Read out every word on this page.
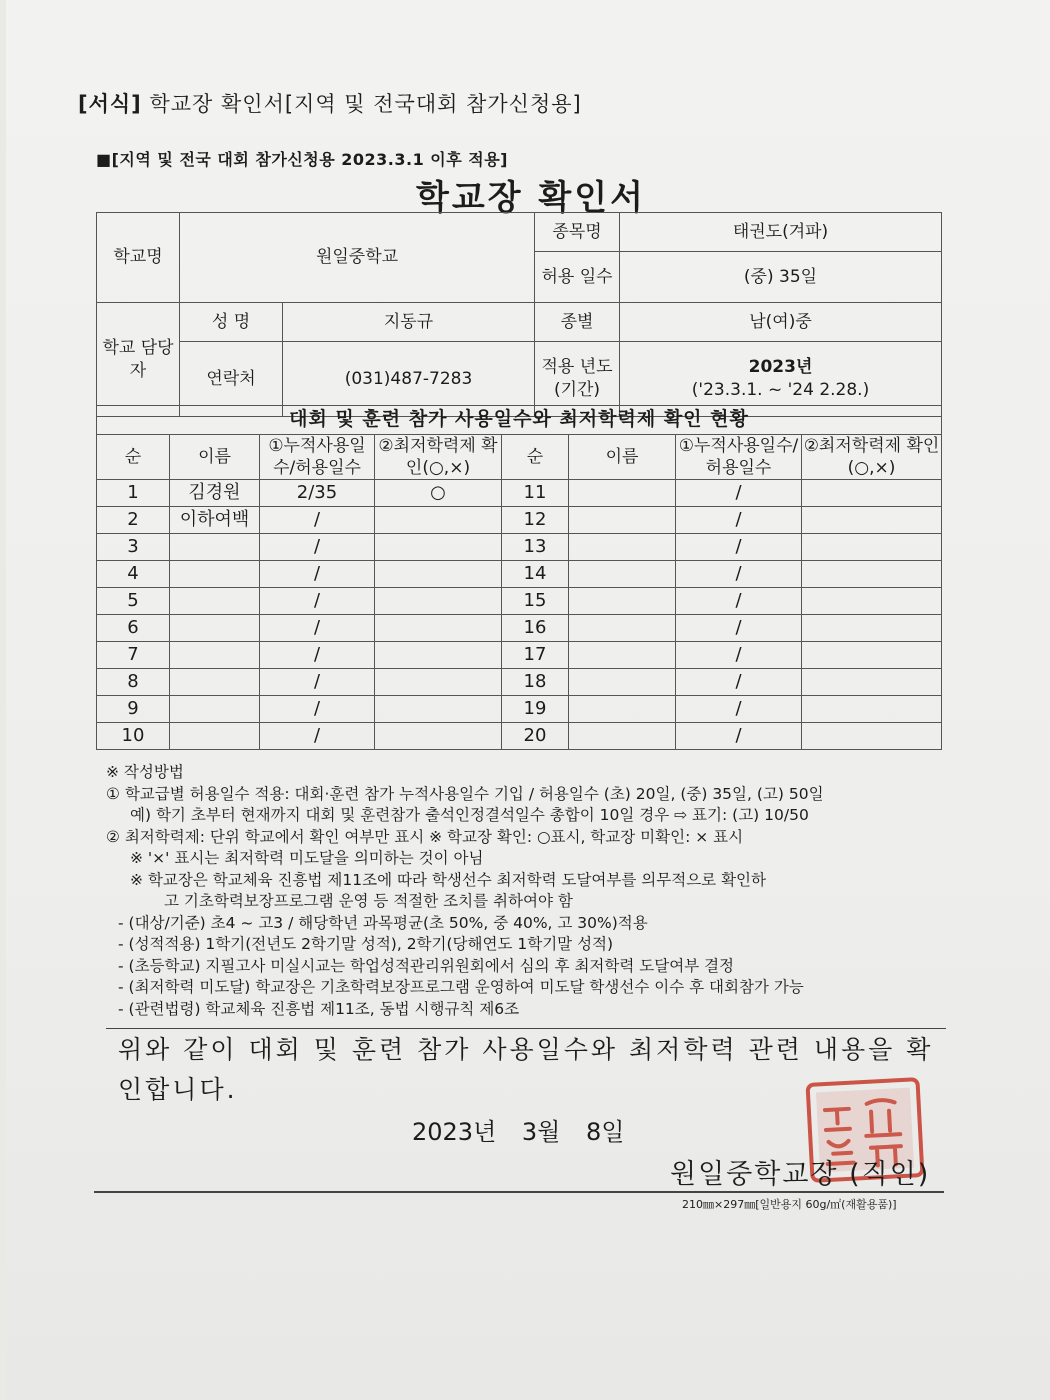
[서식] 학교장 확인서[지역 및 전국대회 참가신청용]
■[지역 및 전국 대회 참가신청용 2023.3.1 이후 적용]
학교장 확인서
학교명	원일중학교		종목명	태권도(겨파)
			허용 일수	(중) 35일
학교 담당자	성 명	지동규	종별	남(여)중
	연락처	(031)487-7283	적용 년도 (기간)	2023년
('23.3.1. ~ '24 2.28.)
대회 및 훈련 참가 사용일수와 최저학력제 확인 현황							
순	이름	①누적사용일수/허용일수	②최저학력제 확인(○,×)	순	이름	①누적사용일수/허용일수	②최저학력제 확인(○,×)
1	김경원	2/35	○	11		/	
2	이하여백	/		12		/	
3		/		13		/	
4		/		14		/	
5		/		15		/	
6		/		16		/	
7		/		17		/	
8		/		18		/	
9		/		19		/	
10		/		20		/	
※ 작성방법
① 학교급별 허용일수 적용: 대회·훈련 참가 누적사용일수 기입 / 허용일수 (초) 20일, (중) 35일, (고) 50일
예) 학기 초부터 현재까지 대회 및 훈련참가 출석인정결석일수 총합이 10일 경우 ⇨ 표기: (고) 10/50
② 최저학력제: 단위 학교에서 확인 여부만 표시 ※ 학교장 확인: ○표시, 학교장 미확인: × 표시
※ '×' 표시는 최저학력 미도달을 의미하는 것이 아님
※ 학교장은 학교체육 진흥법 제11조에 따라 학생선수 최저학력 도달여부를 의무적으로 확인하
고 기초학력보장프로그램 운영 등 적절한 조치를 취하여야 함
- (대상/기준) 초4 ~ 고3 / 해당학년 과목평균(초 50%, 중 40%, 고 30%)적용
- (성적적용) 1학기(전년도 2학기말 성적), 2학기(당해연도 1학기말 성적)
- (초등학교) 지필고사 미실시교는 학업성적관리위원회에서 심의 후 최저학력 도달여부 결정
- (최저학력 미도달) 학교장은 기초학력보장프로그램 운영하여 미도달 학생선수 이수 후 대회참가 가능
- (관련법령) 학교체육 진흥법 제11조, 동법 시행규칙 제6조
위와 같이 대회 및 훈련 참가 사용일수와 최저학력 관련 내용을 확인합니다.
2023년 3월 8일
원일중학교장 (직인)
210㎜×297㎜[일반용지 60g/㎡(재활용품)]
